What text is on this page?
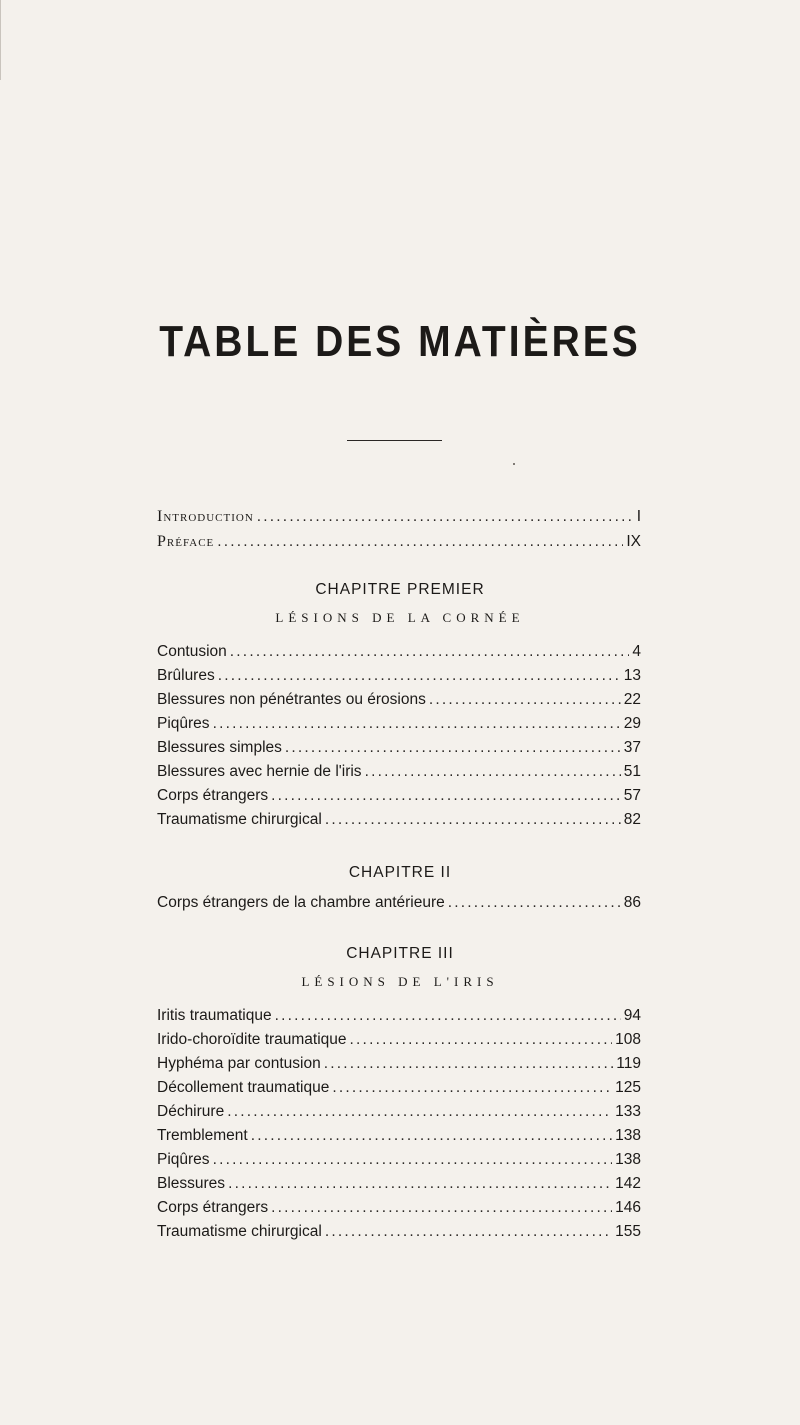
TABLE DES MATIÈRES
Introduction .....	I
Préface .....	IX
CHAPITRE PREMIER
LÉSIONS DE LA CORNÉE
Contusion .....	4
Brûlures .....	13
Blessures non pénétrantes ou érosions .....	22
Piqûres .....	29
Blessures simples .....	37
Blessures avec hernie de l'iris .....	51
Corps étrangers .....	57
Traumatisme chirurgical .....	82
CHAPITRE II
Corps étrangers de la chambre antérieure .....	86
CHAPITRE III
LÉSIONS DE L'IRIS
Iritis traumatique .....	94
Irido-choroïdite traumatique .....	108
Hyphéma par contusion .....	119
Décollement traumatique .....	125
Déchirure .....	133
Tremblement .....	138
Piqûres .....	138
Blessures .....	142
Corps étrangers .....	146
Traumatisme chirurgical .....	155
